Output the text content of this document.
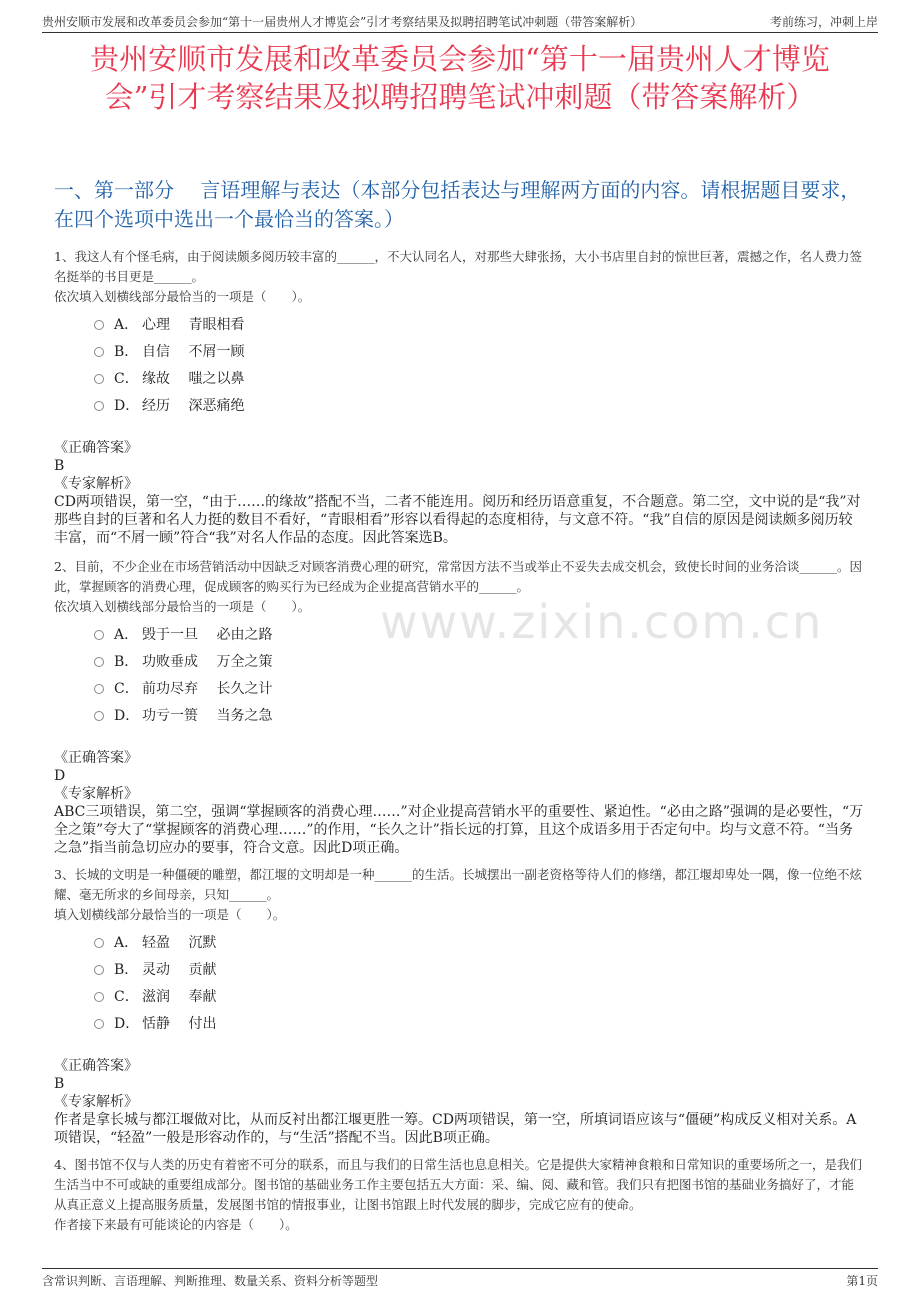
贵州安顺市发展和改革委员会参加“第十一届贵州人才博览会”引才考察结果及拟聘招聘笔试冲刺题（带答案解析）	考前练习，冲刺上岸
贵州安顺市发展和改革委员会参加“第十一届贵州人才博览会”引才考察结果及拟聘招聘笔试冲刺题（带答案解析）
一、第一部分　 言语理解与表达（本部分包括表达与理解两方面的内容。请根据题目要求，在四个选项中选出一个最恰当的答案。）
www.zixin.com.cn

1、我这人有个怪毛病，由于阅读颇多阅历较丰富的______，不大认同名人，对那些大肆张扬，大小书店里自封的惊世巨著，震撼之作，名人费力签名挺举的书目更是______。

依次填入划横线部分最恰当的一项是（　　）。

A． 心理　 青眼相看
B． 自信　 不屑一顾
C． 缘故　 嗤之以鼻
D． 经历　 深恶痛绝

《正确答案》

B

《专家解析》

CD两项错误，第一空，“由于……的缘故”搭配不当，二者不能连用。阅历和经历语意重复，不合题意。第二空，文中说的是“我”对那些自封的巨著和名人力挺的数目不看好，“青眼相看”形容以看得起的态度相待，与文意不符。“我”自信的原因是阅读颇多阅历较丰富，而“不屑一顾”符合“我”对名人作品的态度。因此答案选B。

2、目前，不少企业在市场营销活动中因缺乏对顾客消费心理的研究，常常因方法不当或举止不妥失去成交机会，致使长时间的业务洽谈______。因此，掌握顾客的消费心理，促成顾客的购买行为已经成为企业提高营销水平的______。

依次填入划横线部分最恰当的一项是（　　）。

A． 毁于一旦　 必由之路
B． 功败垂成　 万全之策
C． 前功尽弃　 长久之计
D． 功亏一篑　 当务之急

《正确答案》

D

《专家解析》

ABC三项错误，第二空，强调“掌握顾客的消费心理……”对企业提高营销水平的重要性、紧迫性。“必由之路”强调的是必要性，“万全之策”夸大了“掌握顾客的消费心理……”的作用，“长久之计”指长远的打算，且这个成语多用于否定句中。均与文意不符。“当务之急”指当前急切应办的要事，符合文意。因此D项正确。

3、长城的文明是一种僵硬的雕塑，都江堰的文明却是一种______的生活。长城摆出一副老资格等待人们的修缮，都江堰却卑处一隅，像一位绝不炫耀、毫无所求的乡间母亲，只知______。

填入划横线部分最恰当的一项是（　　）。

A． 轻盈　 沉默
B． 灵动　 贡献
C． 滋润　 奉献
D． 恬静　 付出

《正确答案》

B

《专家解析》

作者是拿长城与都江堰做对比，从而反衬出都江堰更胜一筹。CD两项错误，第一空，所填词语应该与“僵硬”构成反义相对关系。A项错误，“轻盈”一般是形容动作的，与“生活”搭配不当。因此B项正确。

4、图书馆不仅与人类的历史有着密不可分的联系，而且与我们的日常生活也息息相关。它是提供大家精神食粮和日常知识的重要场所之一，是我们生活当中不可或缺的重要组成部分。图书馆的基础业务工作主要包括五大方面：采、编、阅、藏和管。我们只有把图书馆的基础业务搞好了，才能从真正意义上提高服务质量，发展图书馆的情报事业，让图书馆跟上时代发展的脚步，完成它应有的使命。

作者接下来最有可能谈论的内容是（　　）。

含常识判断、言语理解、判断推理、数量关系、资料分析等题型	第1页
